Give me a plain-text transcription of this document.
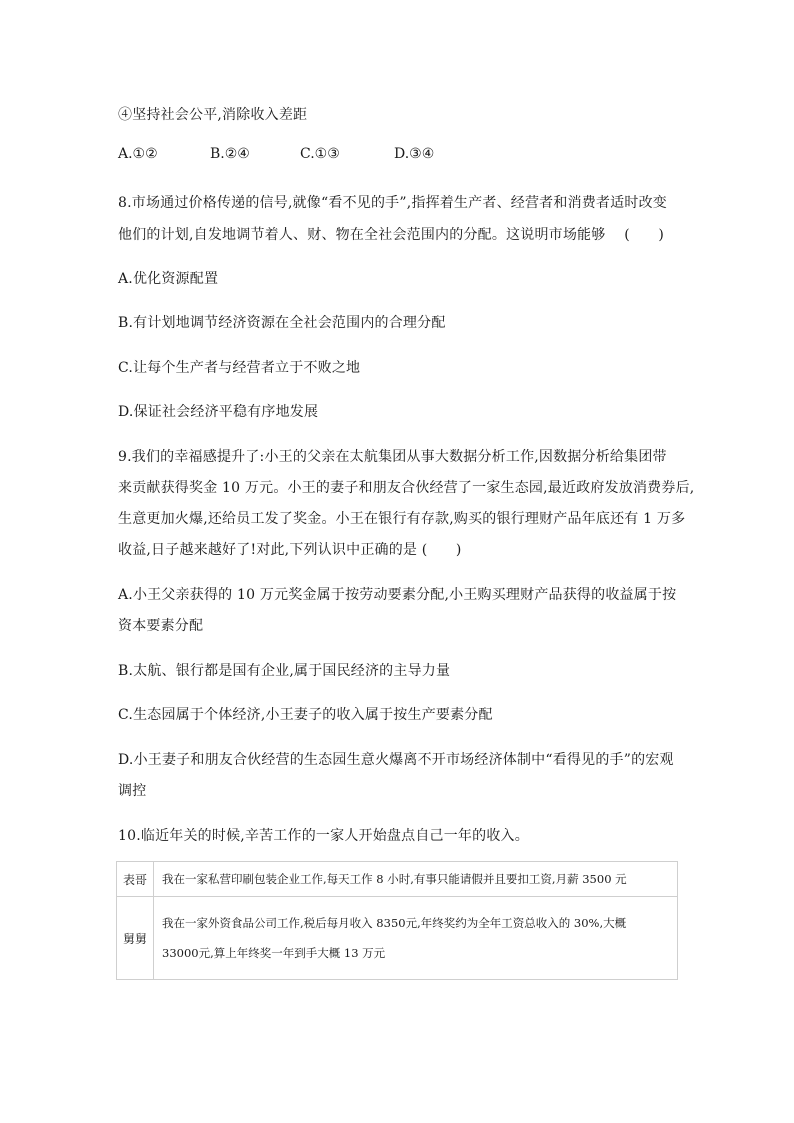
④坚持社会公平,消除收入差距
A.①②	B.②④	C.①③	D.③④
8.市场通过价格传递的信号,就像“看不见的手”,指挥着生产者、经营者和消费者适时改变
他们的计划,自发地调节着人、财、物在全社会范围内的分配。这说明市场能够　 (　　)
A.优化资源配置
B.有计划地调节经济资源在全社会范围内的合理分配
C.让每个生产者与经营者立于不败之地
D.保证社会经济平稳有序地发展
9.我们的幸福感提升了:小王的父亲在太航集团从事大数据分析工作,因数据分析给集团带
来贡献获得奖金 10 万元。小王的妻子和朋友合伙经营了一家生态园,最近政府发放消费券后,
生意更加火爆,还给员工发了奖金。小王在银行有存款,购买的银行理财产品年底还有 1 万多
收益,日子越来越好了!对此,下列认识中正确的是 (　　)
A.小王父亲获得的 10 万元奖金属于按劳动要素分配,小王购买理财产品获得的收益属于按
资本要素分配
B.太航、银行都是国有企业,属于国民经济的主导力量
C.生态园属于个体经济,小王妻子的收入属于按生产要素分配
D.小王妻子和朋友合伙经营的生态园生意火爆离不开市场经济体制中“看得见的手”的宏观
调控
10.临近年关的时候,辛苦工作的一家人开始盘点自己一年的收入。
表哥	我在一家私营印刷包装企业工作,每天工作 8 小时,有事只能请假并且要扣工资,月薪 3500 元

舅舅	我在一家外资食品公司工作,税后每月收入 8350元,年终奖约为全年工资总收入的 30%,大概
33000元,算上年终奖一年到手大概 13 万元
